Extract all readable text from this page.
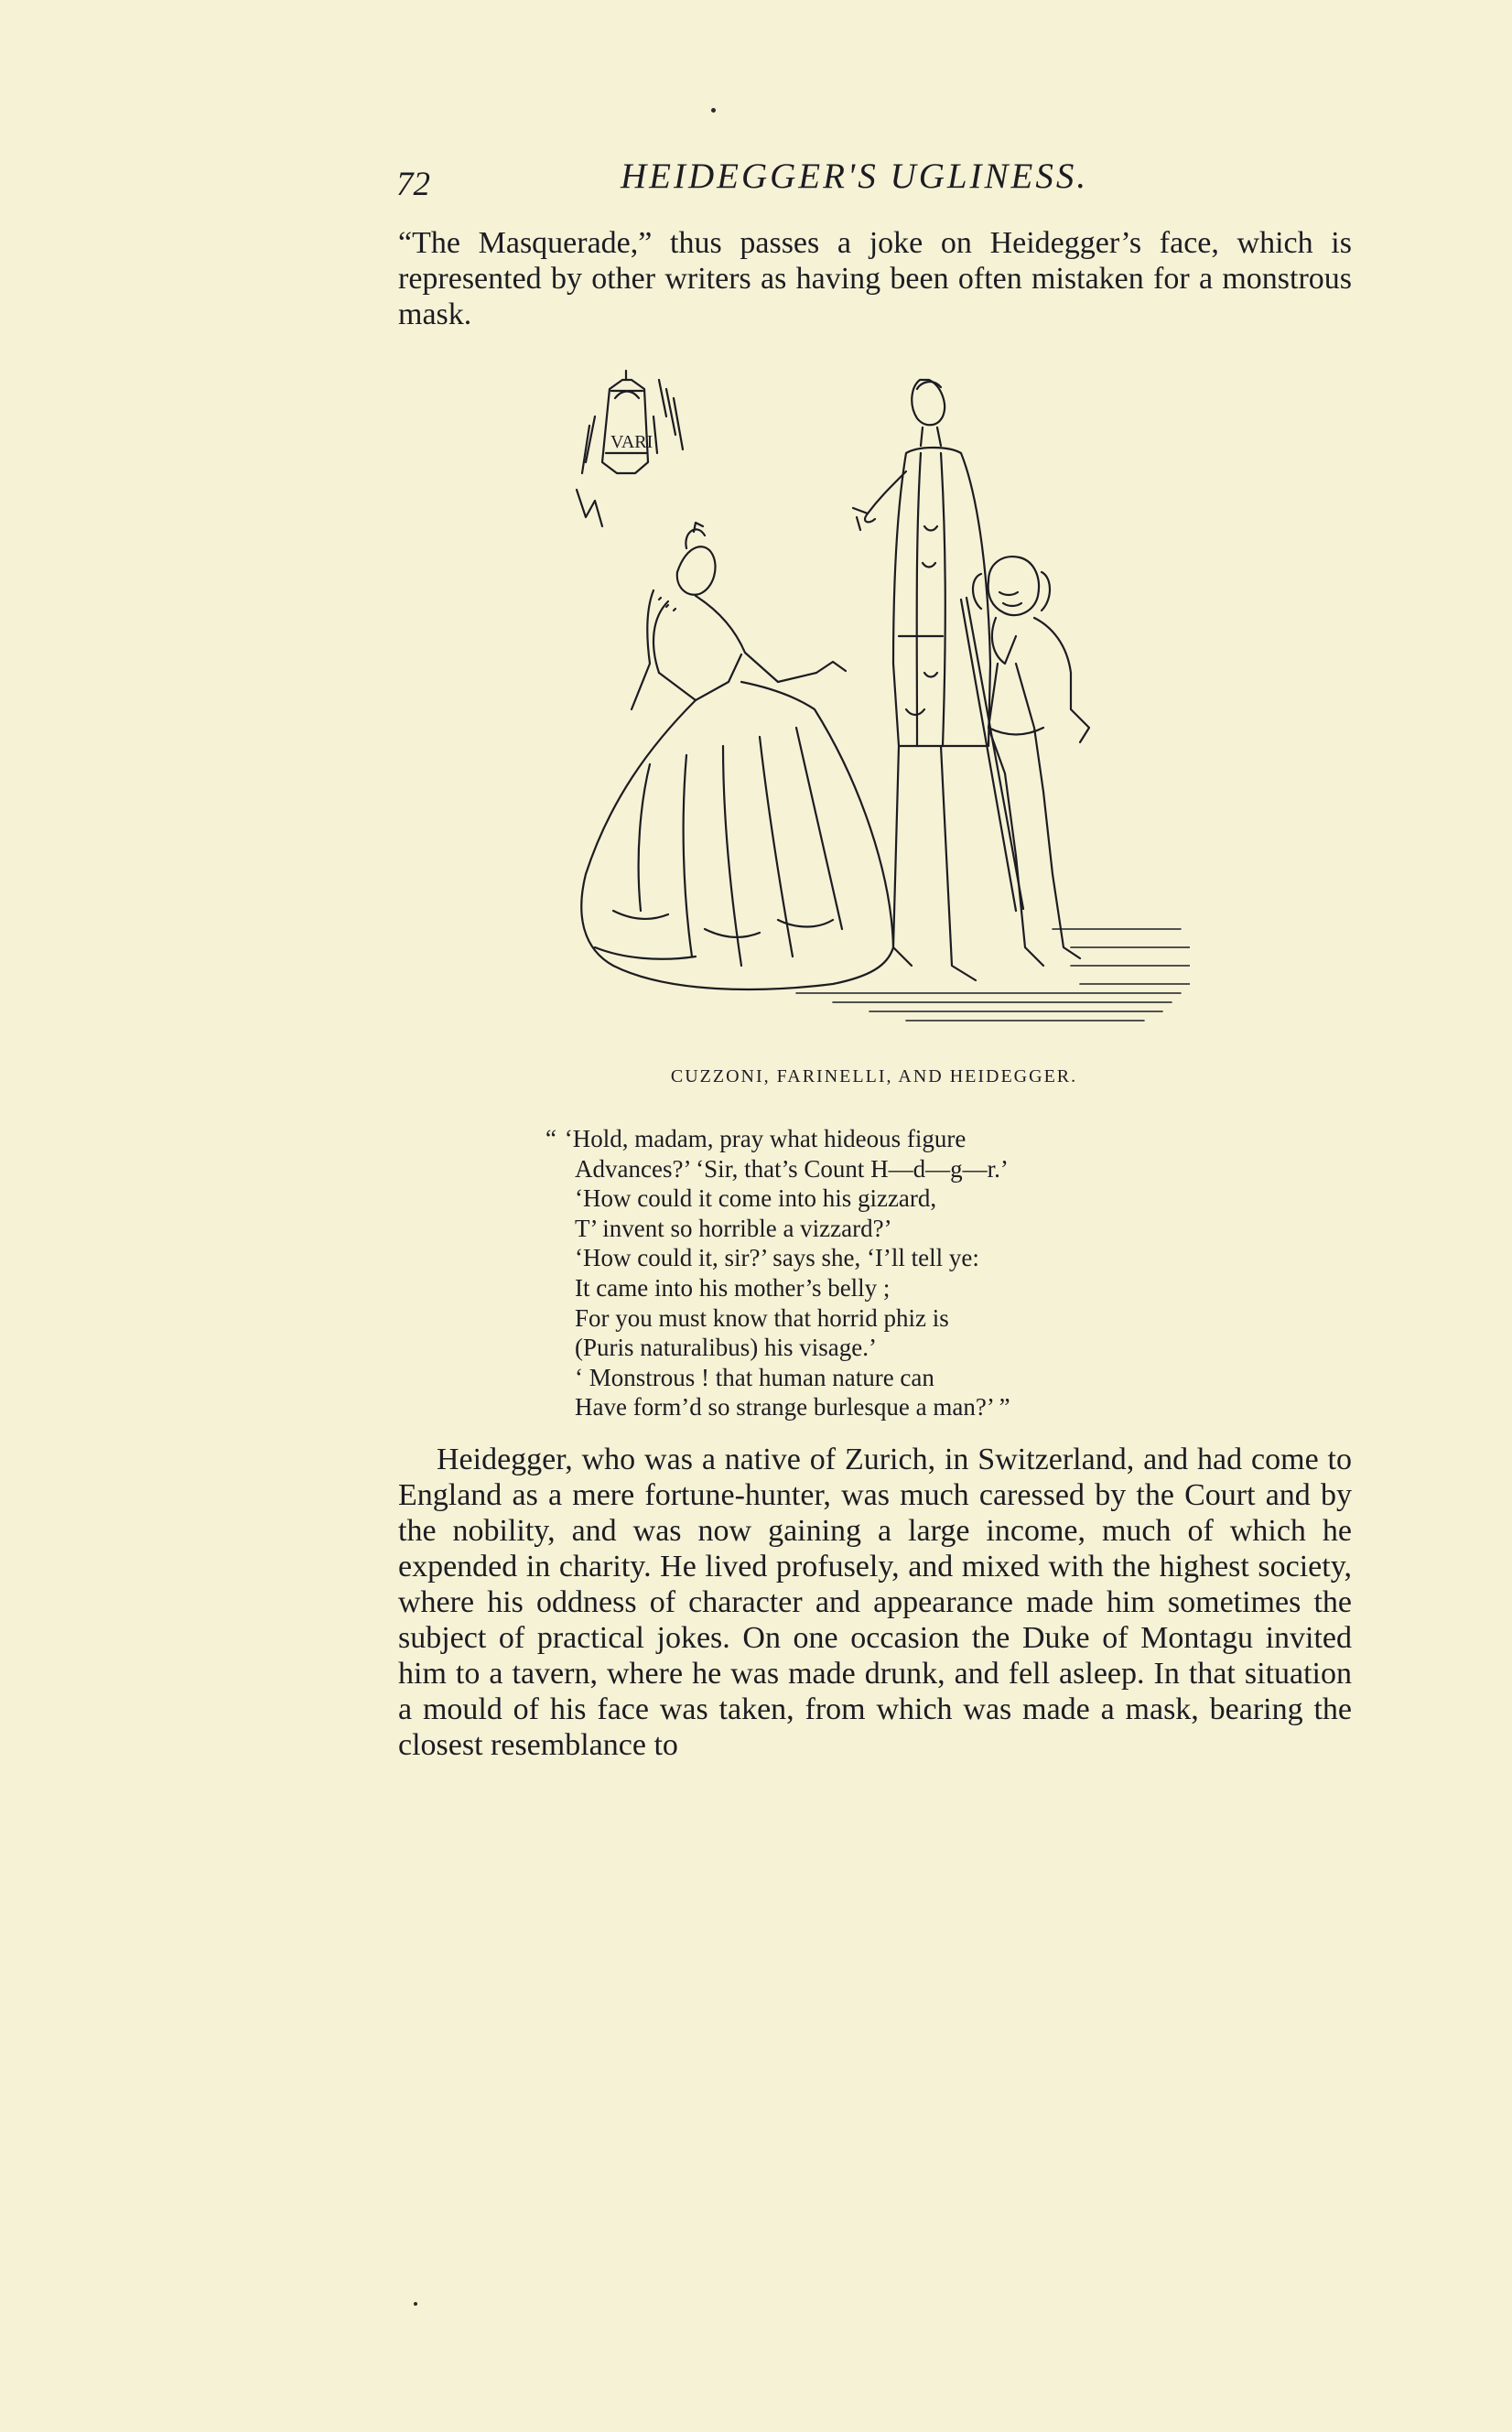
72	HEIDEGGER'S UGLINESS.

“The Masquerade,” thus passes a joke on Heidegger’s face, which is represented by other writers as having been often mistaken for a monstrous mask.

VARI
CUZZONI, FARINELLI, AND HEIDEGGER.
“ ‘Hold, madam, pray what hideous figure
Advances?’ ‘Sir, that’s Count H—d—g—r.’
‘How could it come into his gizzard,
T’ invent so horrible a vizzard?’
‘How could it, sir?’ says she, ‘I’ll tell ye:
It came into his mother’s belly ;
For you must know that horrid phiz is
(Puris naturalibus) his visage.’
‘ Monstrous ! that human nature can
Have form’d so strange burlesque a man?’ ”

Heidegger, who was a native of Zurich, in Switzerland, and had come to England as a mere fortune-hunter, was much caressed by the Court and by the nobility, and was now gaining a large income, much of which he expended in charity. He lived profusely, and mixed with the highest society, where his oddness of character and appearance made him sometimes the subject of practical jokes. On one occasion the Duke of Montagu invited him to a tavern, where he was made drunk, and fell asleep. In that situation a mould of his face was taken, from which was made a mask, bearing the closest resemblance to
